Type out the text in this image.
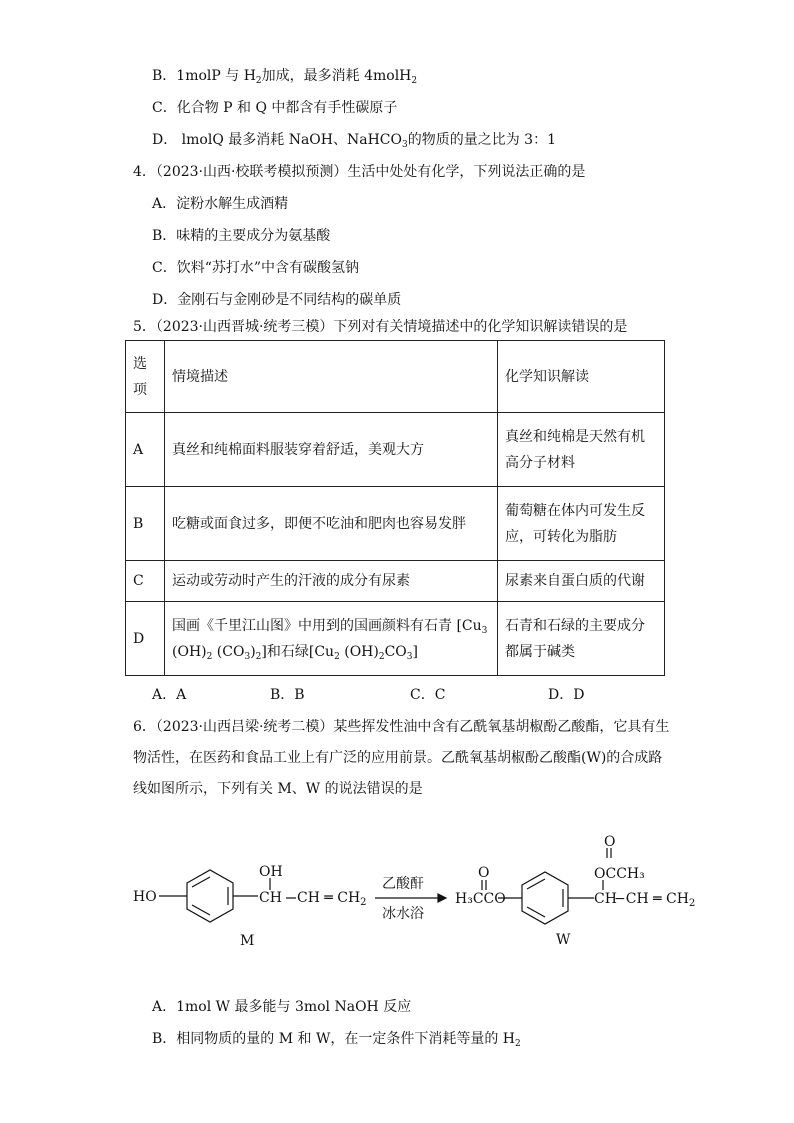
B．1molP 与 $H_2$加成，最多消耗 4molH$_2$
C．化合物 P 和 Q 中都含有手性碳原子
D． lmolQ 最多消耗 NaOH、NaHCO$_3$的物质的量之比为 3：1
4．（2023·山西·校联考模拟预测）生活中处处有化学，下列说法正确的是
A．淀粉水解生成酒精
B．味精的主要成分为氨基酸
C．饮料“苏打水”中含有碳酸氢钠
D．金刚石与金刚砂是不同结构的碳单质
5．（2023·山西晋城·统考三模）下列对有关情境描述中的化学知识解读错误的是
选项	情境描述	化学知识解读
A	真丝和纯棉面料服装穿着舒适，美观大方	真丝和纯棉是天然有机高分子材料
B	吃糖或面食过多，即便不吃油和肥肉也容易发胖	葡萄糖在体内可发生反应，可转化为脂肪
C	运动或劳动时产生的汗液的成分有尿素	尿素来自蛋白质的代谢
D	国画《千里江山图》中用到的国画颜料有石青 [$Cu_3$ $(OH)_2$ $(CO_3)_2$]和石绿[$Cu_2$ $(OH)_2CO_3$]	石青和石绿的主要成分都属于碱类
A．A	B．B	C．C	D．D
6．（2023·山西吕梁·统考二模）某些挥发性油中含有乙酰氧基胡椒酚乙酸酯，它具有生
物活性，在医药和食品工业上有广泛的应用前景。乙酰氧基胡椒酚乙酸酯(W)的合成路
线如图所示，下列有关 M、W 的说法错误的是
HO
OH
CH CH ═ $CH_2$
M
乙酸酐
冰水浴
O
H₃CCO
O
OCCH₃
CH
−CH ═ $CH_2$
W
A．1mol W 最多能与 3mol NaOH 反应
B．相同物质的量的 M 和 W，在一定条件下消耗等量的 $H_2$
